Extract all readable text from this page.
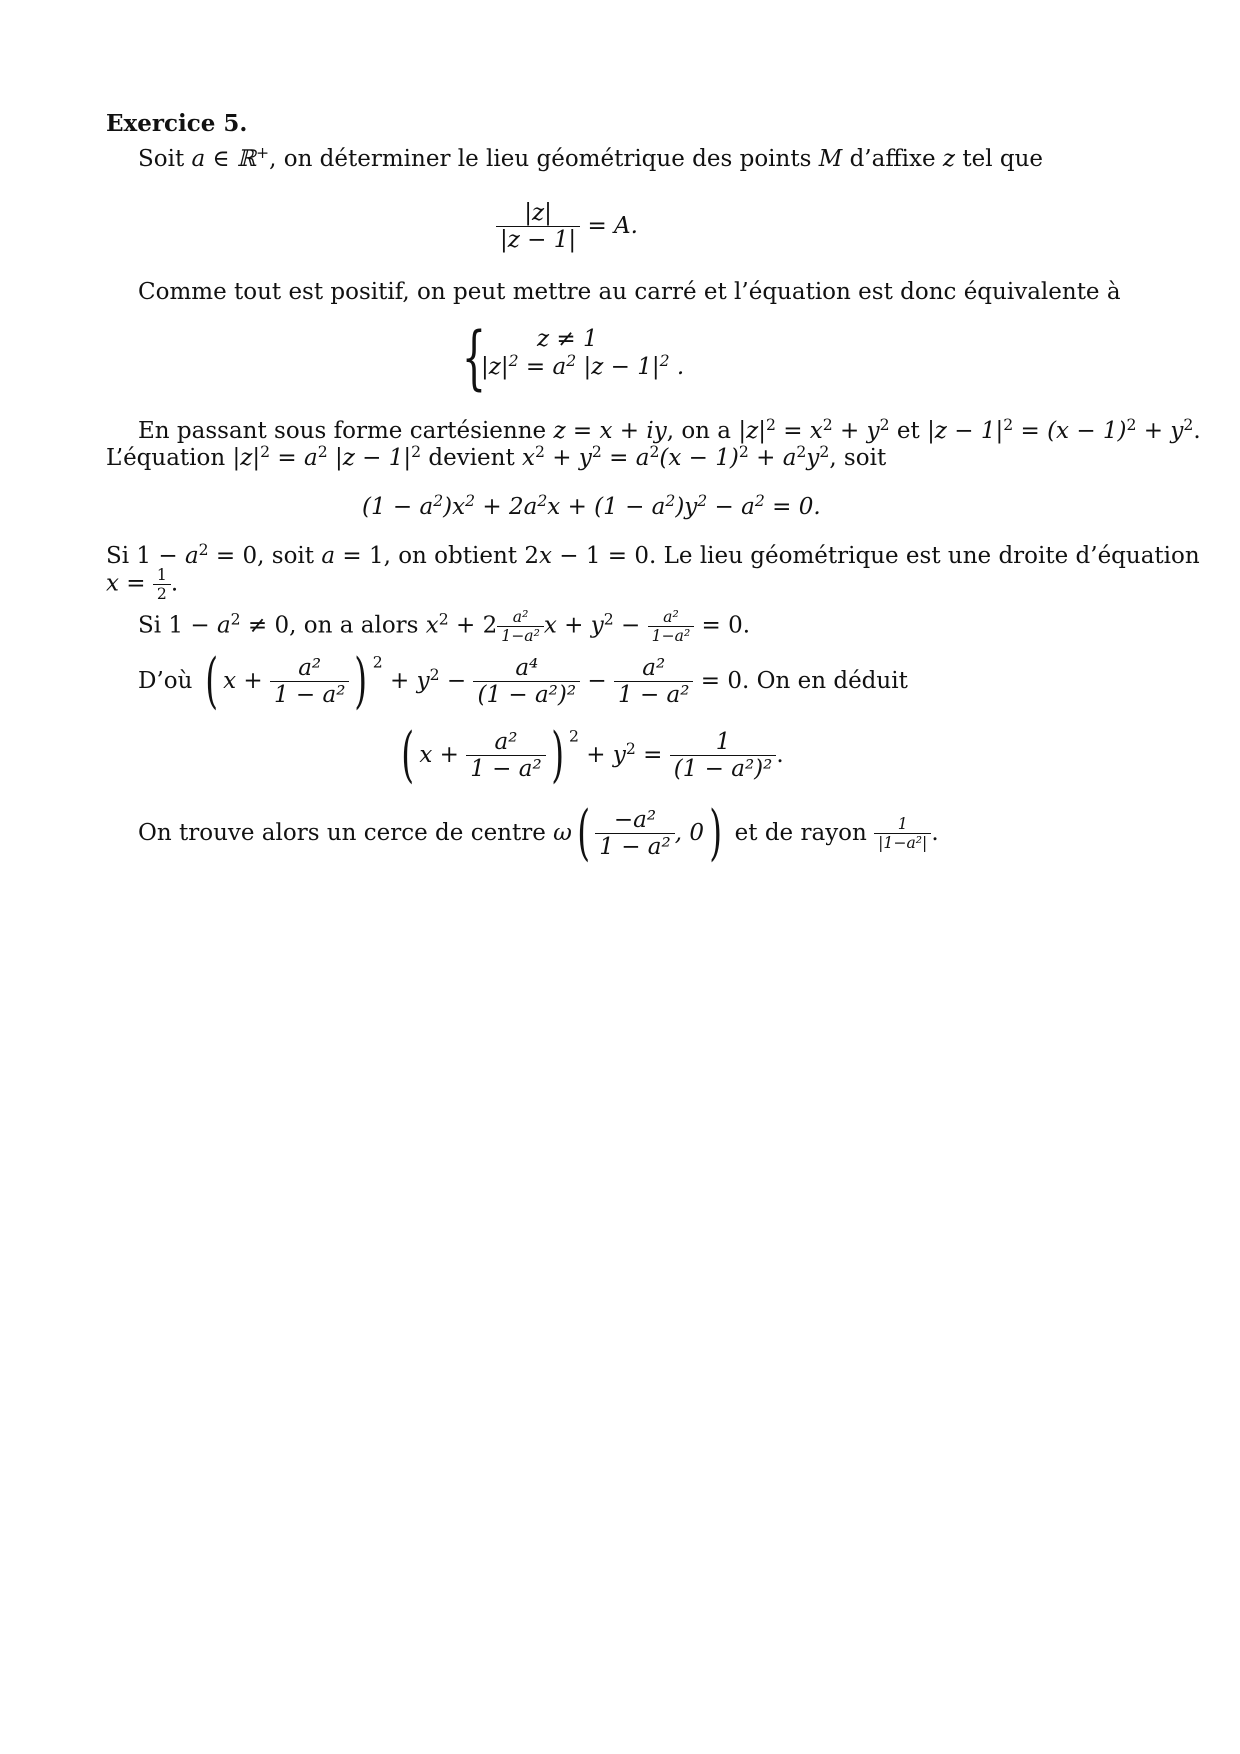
Exercice 5.
Soit a ∈ ℝ+, on déterminer le lieu géométrique des points M d’affixe z tel que
$\frac{|z|}{|z - 1|} = A$.
Comme tout est positif, on peut mettre au carré et l’équation est donc équivalente à
{	z ≠ 1
$|z|^2 = a^2$ $|z - 1|^2$ .
En passant sous forme cartésienne z = x + iy, on a $|z|^2 = x^2 + y^2$ et $|z - 1|^2 = (x - 1)^2 + y^2$.
L’équation $|z|^2 = a^2$ $|z - 1|^2$ devient $x^2 + y^2 = a^2(x - 1)^2 + a^2y^2$, soit
$(1 - a^2)x^2 + 2a^2x + (1 - a^2)y^2 - a^2 = 0$.
Si $1 - a^2 = 0$, soit a = 1, on obtient 2x − 1 = 0. Le lieu géométrique est une droite d’équation
$x = \frac{1}{2}$ .
Si $1 - a^2 \ne 0$, on a alors $x^2 + 2 \frac{\text{a²}}{\text{1−a²}}$ $x + y^2 - \frac{\text{a²}}{\text{1−a²}} = 0$.
D’où ( $x + \frac{\text{a²}}{\text{1 − a²}}$ ) $^2 + y^2 - \frac{\text{a⁴}}{\text{(1 − a²)²}} - \frac{\text{a²}}{\text{1 − a²}} = 0$. On en déduit
( $x + \frac{\text{a²}}{\text{1 − a²}}$ ) $^2 + y^2 = \frac{1}{\text{(1 − a²)²}}$ .
On trouve alors un cerce de centre $\omega( \frac{\text{−a²}}{\text{1 − a²}}$ , 0) et de rayon $\frac{1}{\text{|1−a²|}}$ .
